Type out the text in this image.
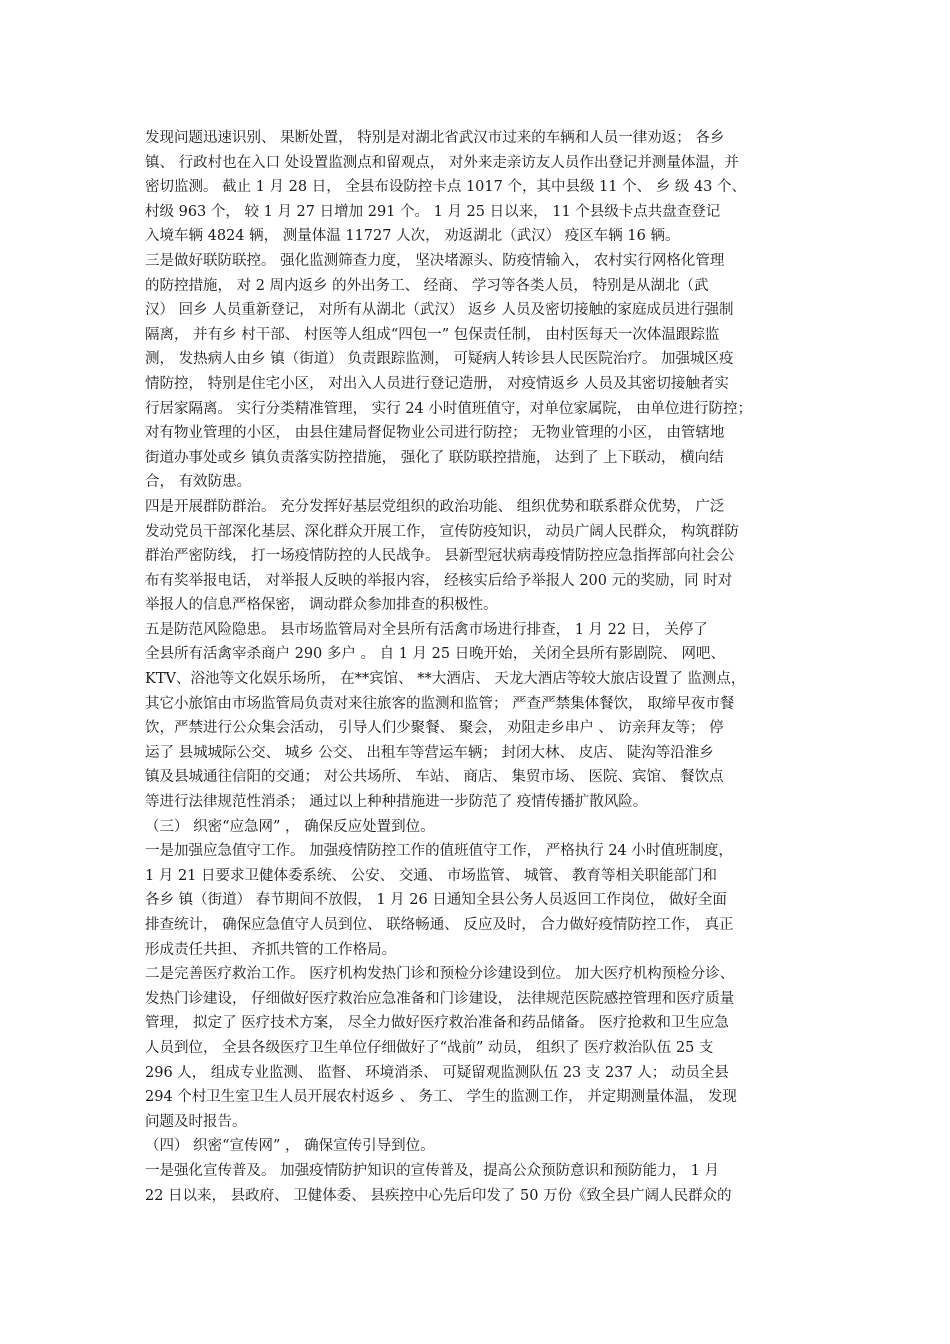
发现问题迅速识别、 果断处置， 特别是对湖北省武汉市过来的车辆和人员一律劝返； 各乡
镇、 行政村也在入口 处设置监测点和留观点， 对外来走亲访友人员作出登记并测量体温，并
密切监测。 截止 1 月 28 日， 全县布设防控卡点 1017 个，其中县级 11 个、 乡 级 43 个、
村级 963 个， 较 1 月 27 日增加 291 个。 1 月 25 日以来， 11 个县级卡点共盘查登记
入境车辆 4824 辆， 测量体温 11727 人次， 劝返湖北（武汉） 疫区车辆 16 辆。
三是做好联防联控。 强化监测筛查力度， 坚决堵源头、防疫情输入， 农村实行网格化管理
的防控措施， 对 2 周内返乡 的外出务工、 经商、 学习等各类人员， 特别是从湖北（武
汉） 回乡 人员重新登记， 对所有从湖北（武汉） 返乡 人员及密切接触的家庭成员进行强制
隔离， 并有乡 村干部、 村医等人组成“四包一” 包保责任制， 由村医每天一次体温跟踪监
测， 发热病人由乡 镇（街道） 负责跟踪监测， 可疑病人转诊县人民医院治疗。 加强城区疫
情防控， 特别是住宅小区， 对出入人员进行登记造册， 对疫情返乡 人员及其密切接触者实
行居家隔离。 实行分类精准管理， 实行 24 小时值班值守，对单位家属院， 由单位进行防控；
对有物业管理的小区， 由县住建局督促物业公司进行防控； 无物业管理的小区， 由管辖地
街道办事处或乡 镇负责落实防控措施， 强化了 联防联控措施， 达到了 上下联动， 横向结
合， 有效防患。
四是开展群防群治。 充分发挥好基层党组织的政治功能、 组织优势和联系群众优势， 广泛
发动党员干部深化基层、深化群众开展工作， 宣传防疫知识， 动员广阔人民群众， 构筑群防
群治严密防线， 打一场疫情防控的人民战争。 县新型冠状病毒疫情防控应急指挥部向社会公
布有奖举报电话， 对举报人反映的举报内容， 经核实后给予举报人 200 元的奖励，同 时对
举报人的信息严格保密， 调动群众参加排查的积极性。
五是防范风险隐患。 县市场监管局对全县所有活禽市场进行排查， 1 月 22 日， 关停了
全县所有活禽宰杀商户 290 多户 。 自 1 月 25 日晚开始， 关闭全县所有影剧院、 网吧、
KTV、浴池等文化娱乐场所， 在**宾馆、 **大酒店、 天龙大酒店等较大旅店设置了 监测点，
其它小旅馆由市场监管局负责对来往旅客的监测和监管； 严查严禁集体餐饮， 取缔早夜市餐
饮，严禁进行公众集会活动， 引导人们少聚餐、 聚会， 劝阻走乡串户 、 访亲拜友等； 停
运了 县城城际公交、 城乡 公交、 出租车等营运车辆； 封闭大林、 皮店、 陡沟等沿淮乡
镇及县城通往信阳的交通； 对公共场所、 车站、 商店、 集贸市场、 医院、宾馆、 餐饮点
等进行法律规范性消杀； 通过以上种种措施进一步防范了 疫情传播扩散风险。
（三） 织密“应急网” ， 确保反应处置到位。
一是加强应急值守工作。 加强疫情防控工作的值班值守工作， 严格执行 24 小时值班制度，
1 月 21 日要求卫健体委系统、 公安、 交通、 市场监管、 城管、 教育等相关职能部门和
各乡 镇（街道） 春节期间不放假， 1 月 26 日通知全县公务人员返回工作岗位， 做好全面
排查统计， 确保应急值守人员到位、 联络畅通、 反应及时， 合力做好疫情防控工作， 真正
形成责任共担、 齐抓共管的工作格局。
二是完善医疗救治工作。 医疗机构发热门诊和预检分诊建设到位。 加大医疗机构预检分诊、
发热门诊建设， 仔细做好医疗救治应急准备和门诊建设， 法律规范医院感控管理和医疗质量
管理， 拟定了 医疗技术方案， 尽全力做好医疗救治准备和药品储备。 医疗抢救和卫生应急
人员到位， 全县各级医疗卫生单位仔细做好了“战前” 动员， 组织了 医疗救治队伍 25 支
296 人， 组成专业监测、 监督、 环境消杀、 可疑留观监测队伍 23 支 237 人； 动员全县
294 个村卫生室卫生人员开展农村返乡 、 务工、 学生的监测工作， 并定期测量体温， 发现
问题及时报告。
（四） 织密“宣传网” ， 确保宣传引导到位。
一是强化宣传普及。 加强疫情防护知识的宣传普及，提高公众预防意识和预防能力， 1 月
22 日以来， 县政府、 卫健体委、 县疾控中心先后印发了 50 万份《致全县广阔人民群众的
